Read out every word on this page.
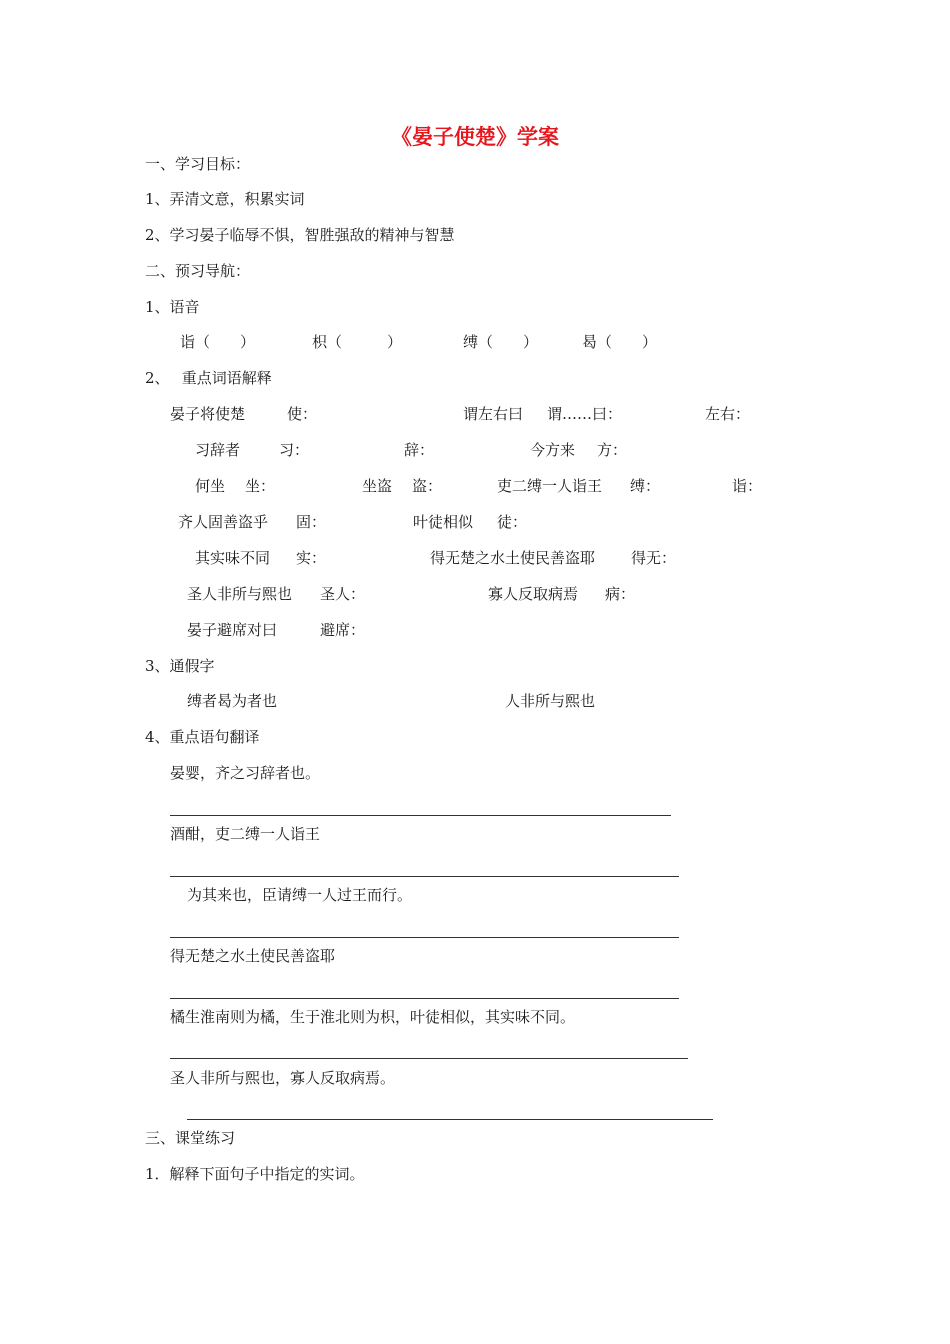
《晏子使楚》学案
一、学习目标：
1、弄清文意，积累实词
2、学习晏子临辱不惧，智胜强敌的精神与智慧
二、预习导航：
1、语音
诣（　　）	枳（　　　）	缚（　　）	曷（　　）
2、　 重点词语解释
晏子将使楚	使：	谓左右曰 谓……曰：	左右：
习辞者	习：	辞：	今方来 方：
何坐 坐：	坐盗 盗：	吏二缚一人诣王 缚：	诣：
齐人固善盗乎 固：	叶徒相似 徒：
其实味不同 实：	得无楚之水土使民善盗耶 得无：
圣人非所与熙也 圣人：	寡人反取病焉 病：
晏子避席对曰	避席：
3、通假字
缚者曷为者也	人非所与熙也
4、重点语句翻译
晏婴，齐之习辞者也。
酒酣，吏二缚一人诣王
为其来也，臣请缚一人过王而行。
得无楚之水土使民善盗耶
橘生淮南则为橘，生于淮北则为枳，叶徒相似，其实味不同。
圣人非所与熙也，寡人反取病焉。
三、课堂练习
1．解释下面句子中指定的实词。
